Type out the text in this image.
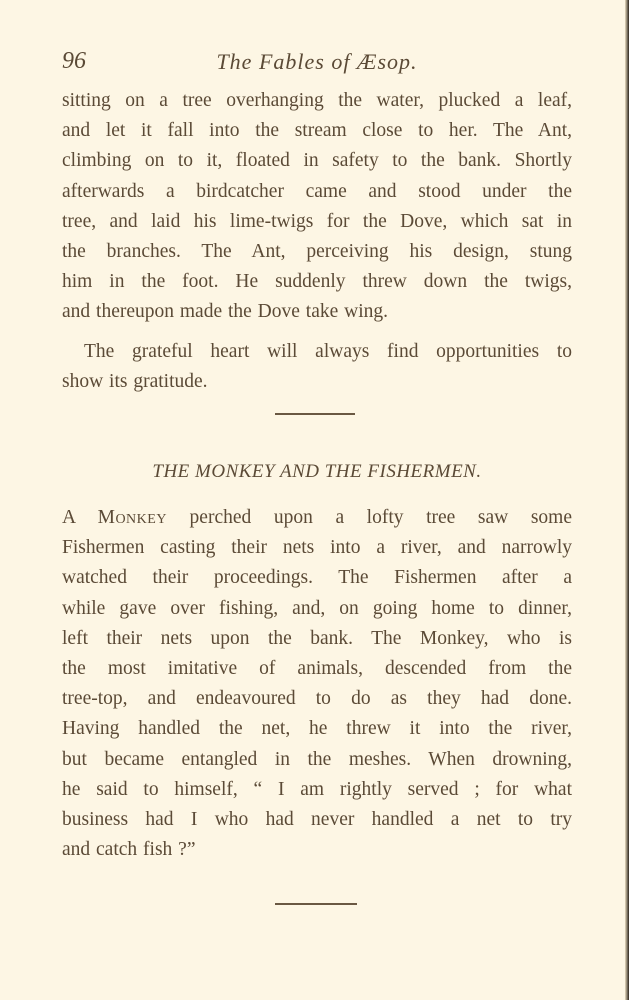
96	The Fables of Æsop.
sitting on a tree overhanging the water, plucked a leaf,
and let it fall into the stream close to her. The Ant,
climbing on to it, floated in safety to the bank. Shortly
afterwards a birdcatcher came and stood under the
tree, and laid his lime-twigs for the Dove, which sat in
the branches. The Ant, perceiving his design, stung
him in the foot. He suddenly threw down the twigs,
and thereupon made the Dove take wing.
The grateful heart will always find opportunities to
show its gratitude.
THE MONKEY AND THE FISHERMEN.
A Monkey perched upon a lofty tree saw some
Fishermen casting their nets into a river, and narrowly
watched their proceedings. The Fishermen after a
while gave over fishing, and, on going home to dinner,
left their nets upon the bank. The Monkey, who is
the most imitative of animals, descended from the
tree-top, and endeavoured to do as they had done.
Having handled the net, he threw it into the river,
but became entangled in the meshes. When drowning,
he said to himself, “ I am rightly served ; for what
business had I who had never handled a net to try
and catch fish ?”
